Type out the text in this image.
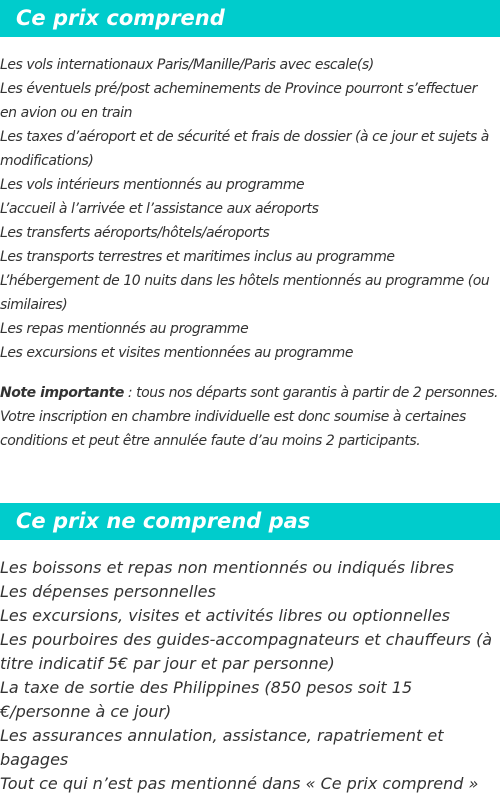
Ce prix comprend
Les vols internationaux Paris/Manille/Paris avec escale(s)
Les éventuels pré/post acheminements de Province pourront s’effectuer en avion ou en train
Les taxes d’aéroport et de sécurité et frais de dossier (à ce jour et sujets à modifications)
Les vols intérieurs mentionnés au programme
L’accueil à l’arrivée et l’assistance aux aéroports
Les transferts aéroports/hôtels/aéroports
Les transports terrestres et maritimes inclus au programme
L’hébergement de 10 nuits dans les hôtels mentionnés au programme (ou similaires)
Les repas mentionnés au programme
Les excursions et visites mentionnées au programme

Note importante : tous nos départs sont garantis à partir de 2 personnes. Votre inscription en chambre individuelle est donc soumise à certaines conditions et peut être annulée faute d’au moins 2 participants.

Ce prix ne comprend pas
Les boissons et repas non mentionnés ou indiqués libres
Les dépenses personnelles
Les excursions, visites et activités libres ou optionnelles
Les pourboires des guides-accompagnateurs et chauffeurs (à titre indicatif 5€ par jour et par personne)
La taxe de sortie des Philippines (850 pesos soit 15 €/personne à ce jour)
Les assurances annulation, assistance, rapatriement et bagages
Tout ce qui n’est pas mentionné dans « Ce prix comprend »
